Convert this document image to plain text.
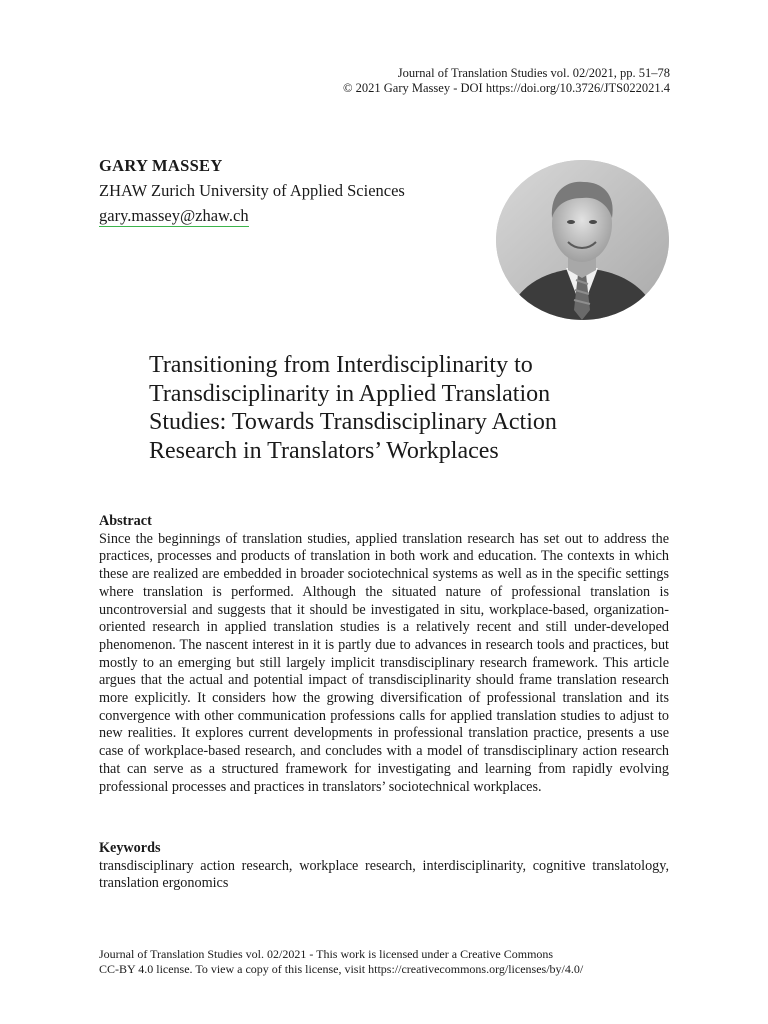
Journal of Translation Studies vol. 02/2021, pp. 51–78
© 2021 Gary Massey - DOI https://doi.org/10.3726/JTS022021.4
GARY MASSEY
ZHAW Zurich University of Applied Sciences
gary.massey@zhaw.ch
Transitioning from Interdisciplinarity to
Transdisciplinarity in Applied Translation
Studies: Towards Transdisciplinary Action
Research in Translators’ Workplaces
Abstract

Since the beginnings of translation studies, applied translation research has set out to address the practices, processes and products of translation in both work and education. The contexts in which these are realized are embedded in broader sociotechnical systems as well as in the specific settings where translation is performed. Although the situated nature of professional translation is uncontroversial and suggests that it should be investigated in situ, workplace-based, organization-oriented research in applied translation studies is a relatively recent and still under-developed phenomenon. The nascent interest in it is partly due to advances in research tools and practices, but mostly to an emerging but still largely implicit transdisciplinary research framework. This article argues that the actual and potential impact of transdisciplinarity should frame translation research more explicitly. It considers how the growing diversification of professional translation and its convergence with other communication professions calls for applied translation studies to adjust to new realities. It explores current developments in professional translation practice, presents a use case of workplace-based research, and concludes with a model of transdisciplinary action research that can serve as a structured framework for investigating and learning from rapidly evolving professional processes and practices in translators’ sociotechnical workplaces.

Keywords

transdisciplinary action research, workplace research, interdisciplinarity, cognitive translatology, translation ergonomics

Journal of Translation Studies vol. 02/2021 - This work is licensed under a Creative Commons
CC-BY 4.0 license. To view a copy of this license, visit https://creativecommons.org/licenses/by/4.0/
